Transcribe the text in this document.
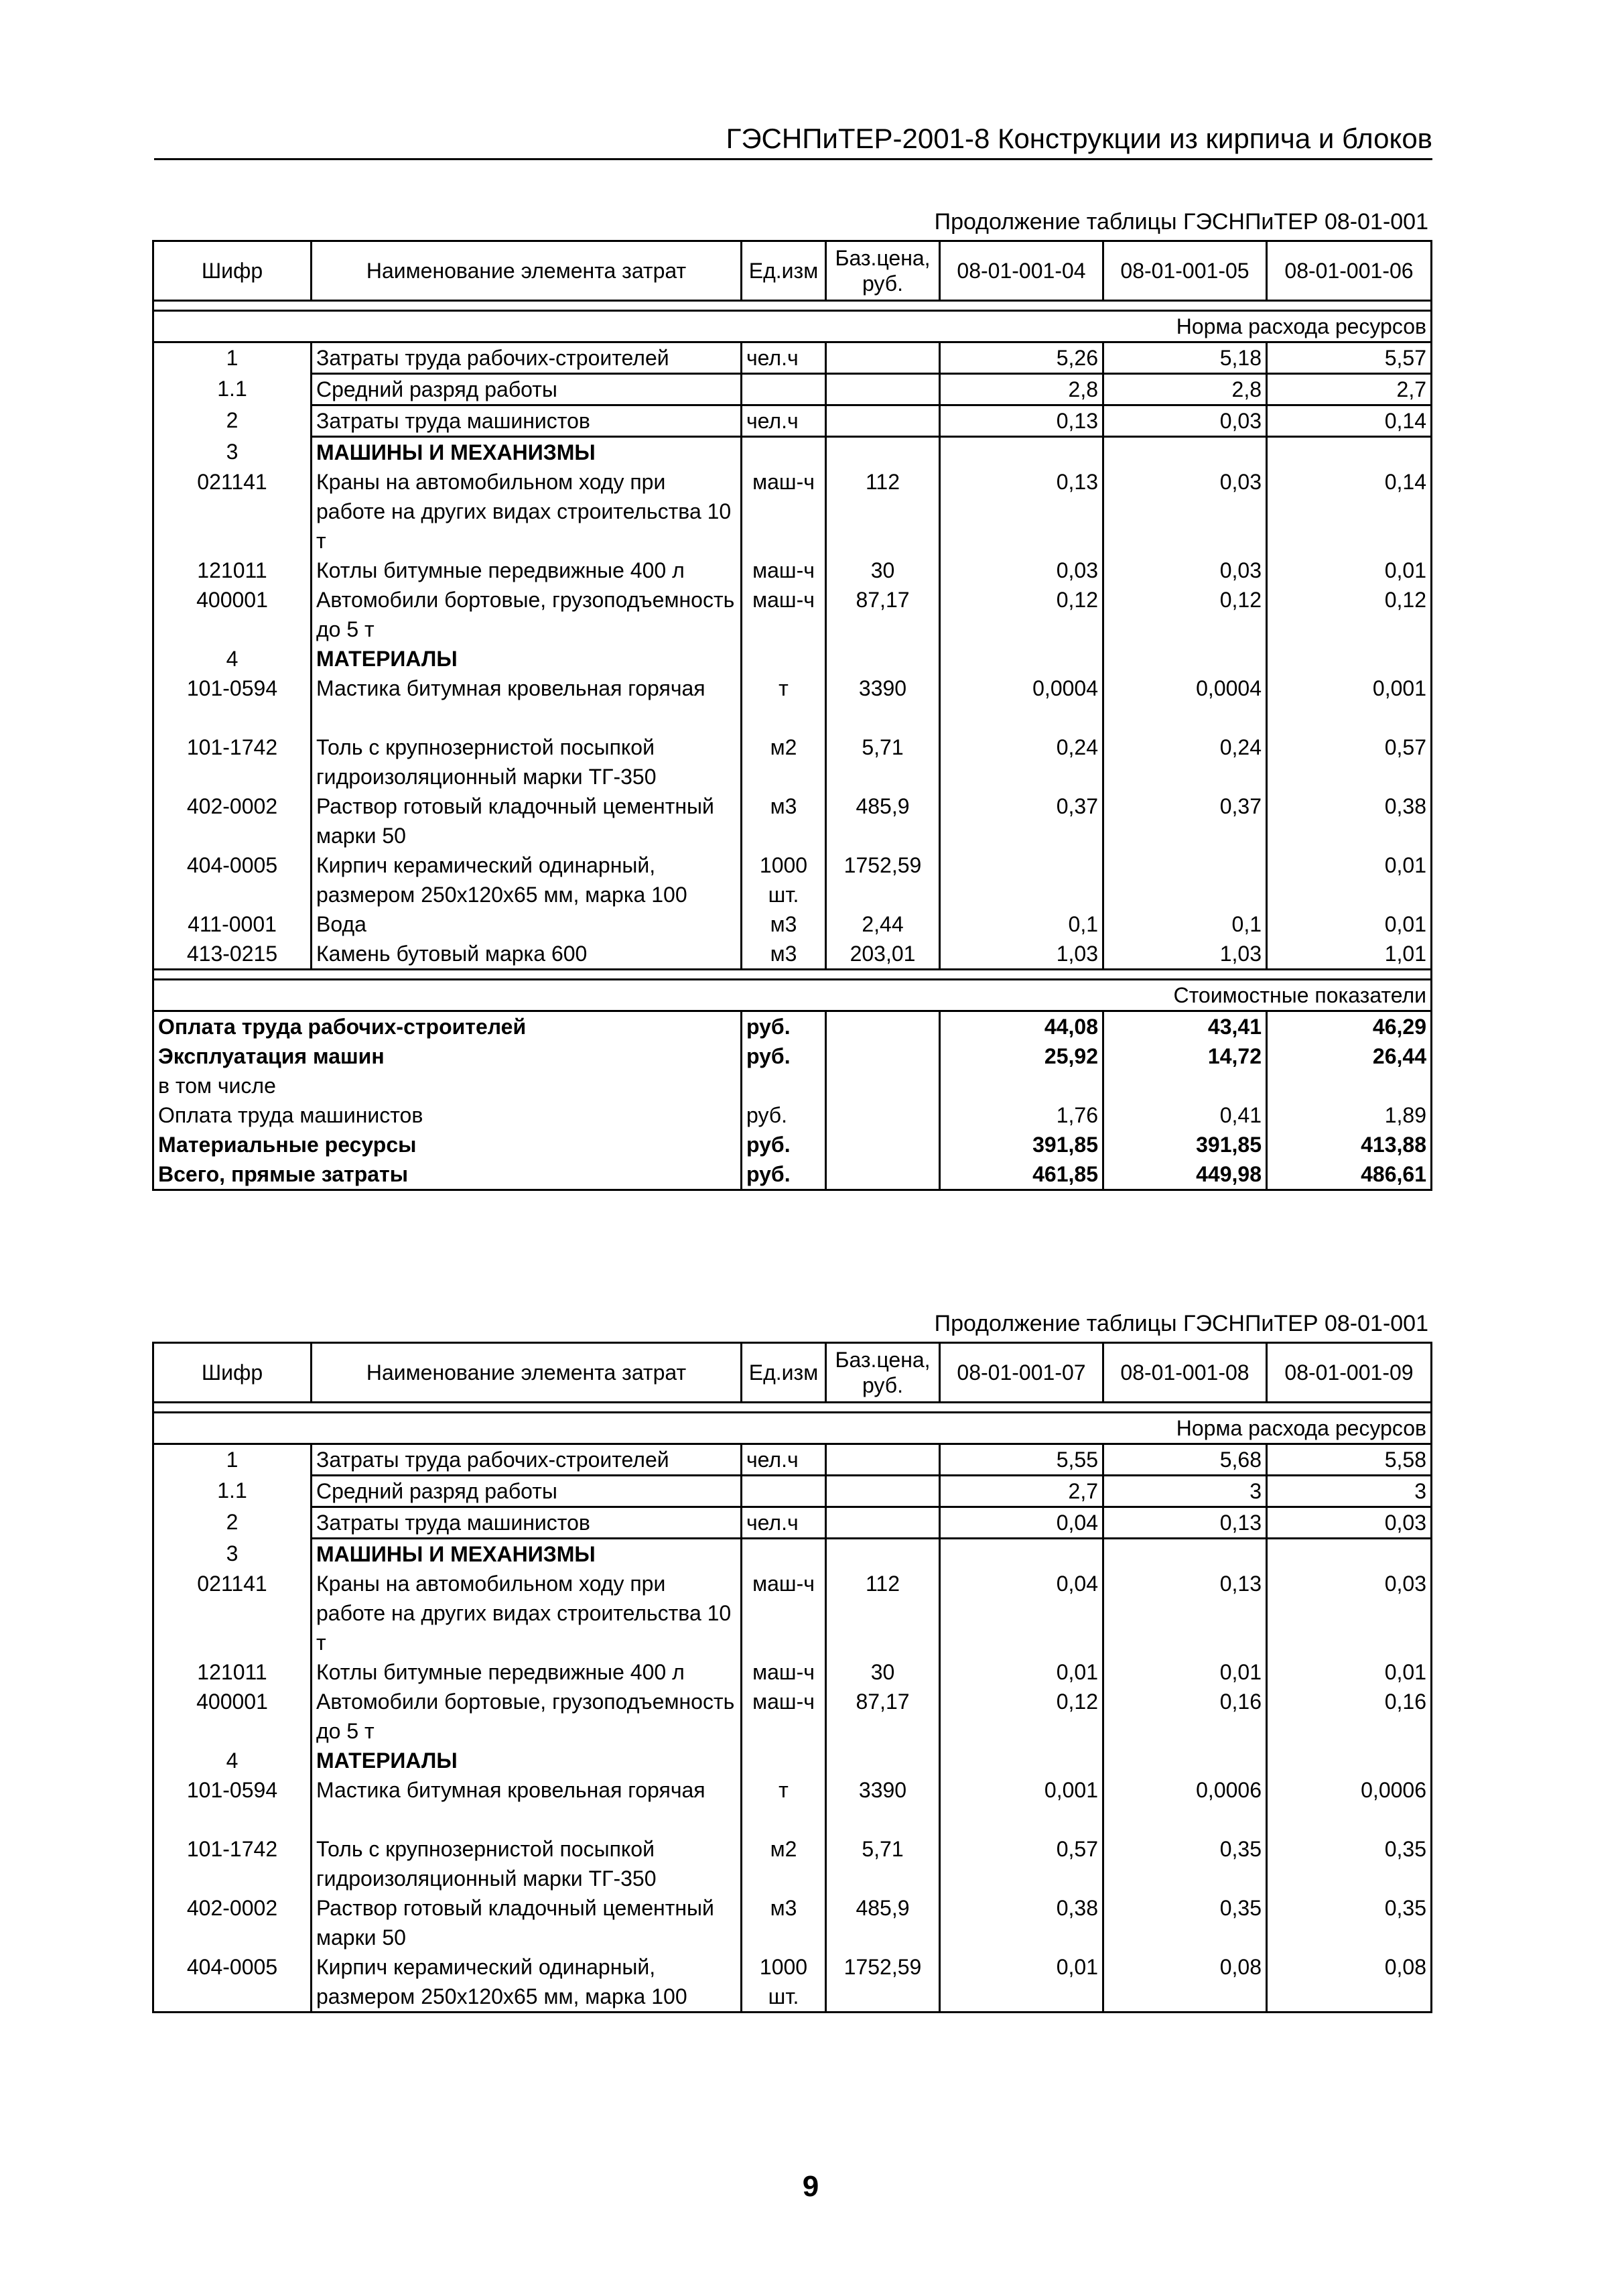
ГЭСНПиТЕР-2001-8 Конструкции из кирпича и блоков
Продолжение таблицы ГЭСНПиТЕР 08-01-001
Шифр	Наименование элемента затрат	Ед.изм	Баз.цена, руб.	08-01-001-04	08-01-001-05	08-01-001-06

Норма расхода ресурсов						
1	Затраты труда рабочих-строителей	чел.ч		5,26	5,18	5,57
1.1	Средний разряд работы			2,8	2,8	2,7
2	Затраты труда машинистов	чел.ч		0,13	0,03	0,14
3	МАШИНЫ И МЕХАНИЗМЫ					
021141	Краны на автомобильном ходу при работе на других видах строительства 10 т	маш-ч	112	0,13	0,03	0,14
121011	Котлы битумные передвижные 400 л	маш-ч	30	0,03	0,03	0,01
400001	Автомобили бортовые, грузоподъемность до 5 т	маш-ч	87,17	0,12	0,12	0,12
4	МАТЕРИАЛЫ					
101-0594	Мастика битумная кровельная горячая	т	3390	0,0004	0,0004	0,001
101-1742	Толь с крупнозернистой посыпкой гидроизоляционный марки ТГ-350	м2	5,71	0,24	0,24	0,57
402-0002	Раствор готовый кладочный цементный марки 50	м3	485,9	0,37	0,37	0,38
404-0005	Кирпич керамический одинарный, размером 250х120х65 мм, марка 100	1000 шт.	1752,59			0,01
411-0001	Вода	м3	2,44	0,1	0,1	0,01
413-0215	Камень бутовый марка 600	м3	203,01	1,03	1,03	1,01

Стоимостные показатели						
Оплата труда рабочих-строителей		руб.		44,08	43,41	46,29
Эксплуатация машин		руб.		25,92	14,72	26,44
в том числе						
Оплата труда машинистов		руб.		1,76	0,41	1,89
Материальные ресурсы		руб.		391,85	391,85	413,88
Всего, прямые затраты		руб.		461,85	449,98	486,61
Продолжение таблицы ГЭСНПиТЕР 08-01-001
Шифр	Наименование элемента затрат	Ед.изм	Баз.цена, руб.	08-01-001-07	08-01-001-08	08-01-001-09

Норма расхода ресурсов						
1	Затраты труда рабочих-строителей	чел.ч		5,55	5,68	5,58
1.1	Средний разряд работы			2,7	3	3
2	Затраты труда машинистов	чел.ч		0,04	0,13	0,03
3	МАШИНЫ И МЕХАНИЗМЫ					
021141	Краны на автомобильном ходу при работе на других видах строительства 10 т	маш-ч	112	0,04	0,13	0,03
121011	Котлы битумные передвижные 400 л	маш-ч	30	0,01	0,01	0,01
400001	Автомобили бортовые, грузоподъемность до 5 т	маш-ч	87,17	0,12	0,16	0,16
4	МАТЕРИАЛЫ					
101-0594	Мастика битумная кровельная горячая	т	3390	0,001	0,0006	0,0006
101-1742	Толь с крупнозернистой посыпкой гидроизоляционный марки ТГ-350	м2	5,71	0,57	0,35	0,35
402-0002	Раствор готовый кладочный цементный марки 50	м3	485,9	0,38	0,35	0,35
404-0005	Кирпич керамический одинарный, размером 250х120х65 мм, марка 100	1000 шт.	1752,59	0,01	0,08	0,08
9
